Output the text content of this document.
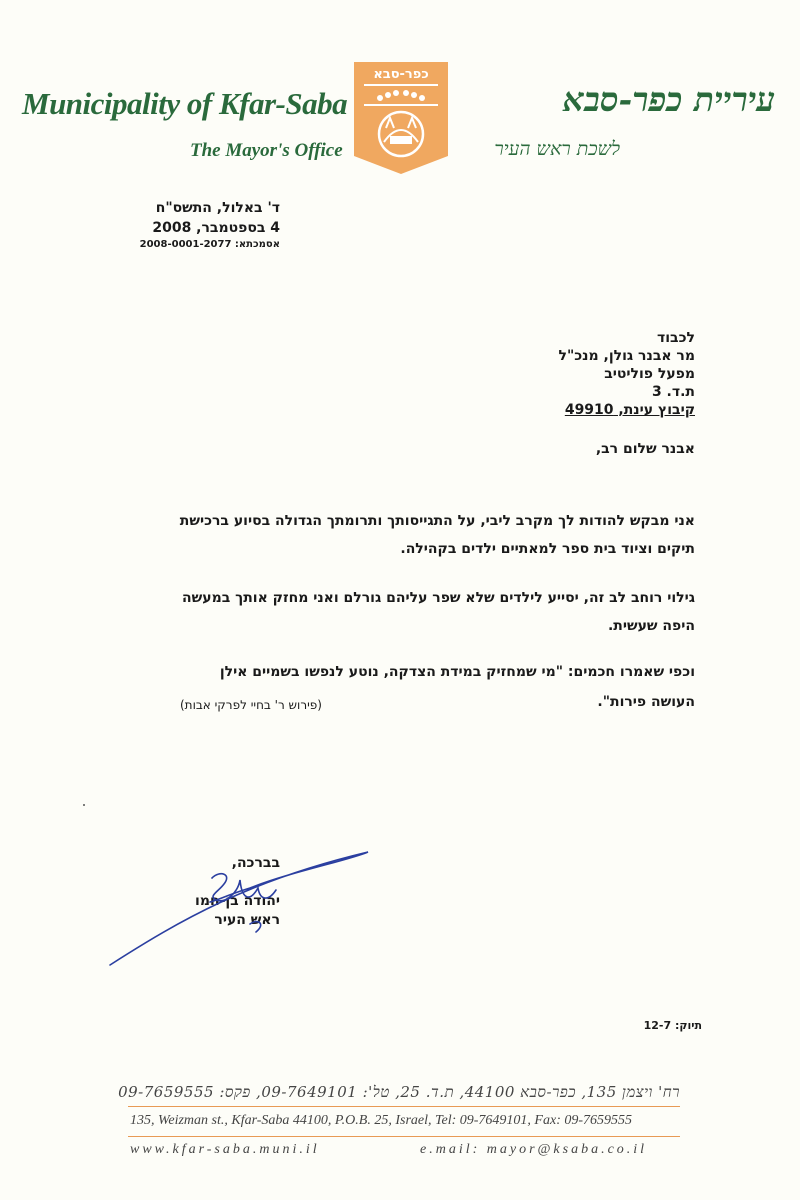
Municipality of Kfar-Saba
The Mayor's Office
עיריית כפר-סבא
לשכת ראש העיר
כפר-סבא
ד' באלול, התשס"ח
4 בספטמבר, 2008
אסמכתא: 2008-0001-2077
לכבוד
מר אבנר גולן, מנכ"ל
מפעל פוליטיב
ת.ד. 3
קיבוץ עינת, 49910
אבנר שלום רב,
אני מבקש להודות לך מקרב ליבי, על התגייסותך ותרומתך הגדולה בסיוע ברכישת
תיקים וציוד בית ספר למאתיים ילדים בקהילה.
גילוי רוחב לב זה, יסייע לילדים שלא שפר עליהם גורלם ואני מחזק אותך במעשה
היפה שעשית.
וכפי שאמרו חכמים: "מי שמחזיק במידת הצדקה, נוטע לנפשו בשמיים אילן
העושה פירות".
(פירוש ר' בחיי לפרקי אבות)
בברכה,
יהודה בן-חמו
ראש העיר
תיוק: 12-7
רח' ויצמן 135, כפר-סבא 44100, ת.ד. 25, טל': 09-7649101, פקס: 09-7659555
135, Weizman st., Kfar-Saba 44100, P.O.B. 25, Israel, Tel: 09-7649101, Fax: 09-7659555
www.kfar-saba.muni.il	e.mail: mayor@ksaba.co.il
